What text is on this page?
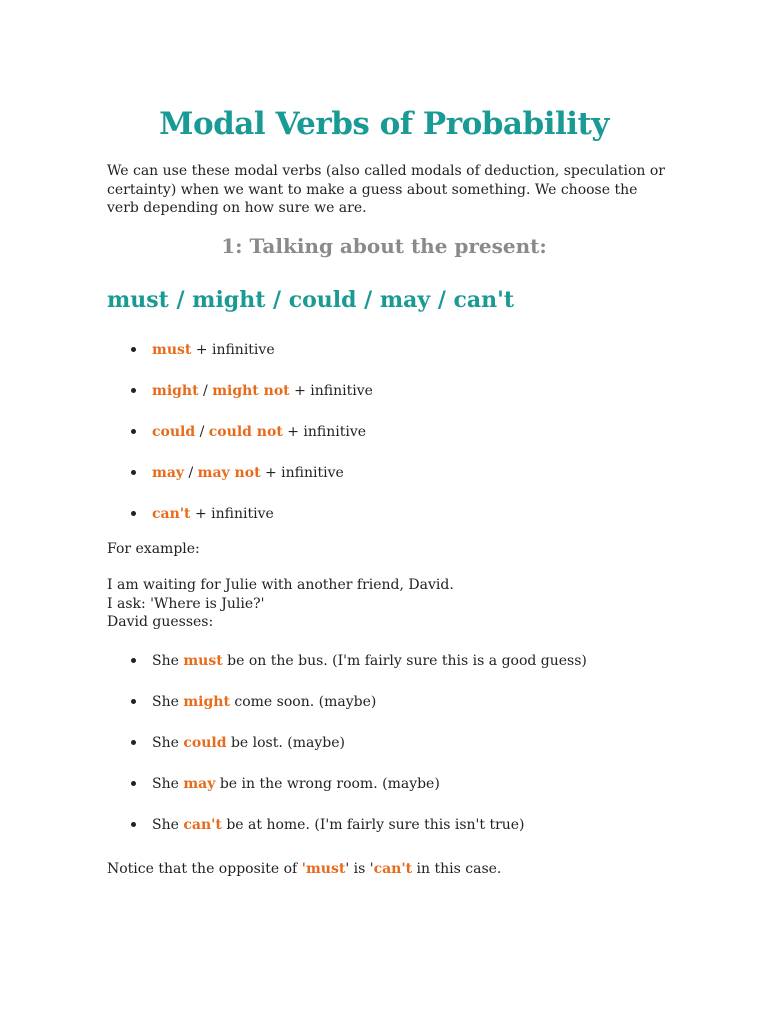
Modal Verbs of Probability

We can use these modal verbs (also called modals of deduction, speculation or certainty) when we want to make a guess about something. We choose the verb depending on how sure we are.

1: Talking about the present:
must / might / could / may / can't
must + infinitive
might / might not + infinitive
could / could not + infinitive
may / may not + infinitive
can't + infinitive

For example:

I am waiting for Julie with another friend, David.
I ask: 'Where is Julie?'
David guesses:
She must be on the bus. (I'm fairly sure this is a good guess)
She might come soon. (maybe)
She could be lost. (maybe)
She may be in the wrong room. (maybe)
She can't be at home. (I'm fairly sure this isn't true)

Notice that the opposite of 'must' is 'can't in this case.
